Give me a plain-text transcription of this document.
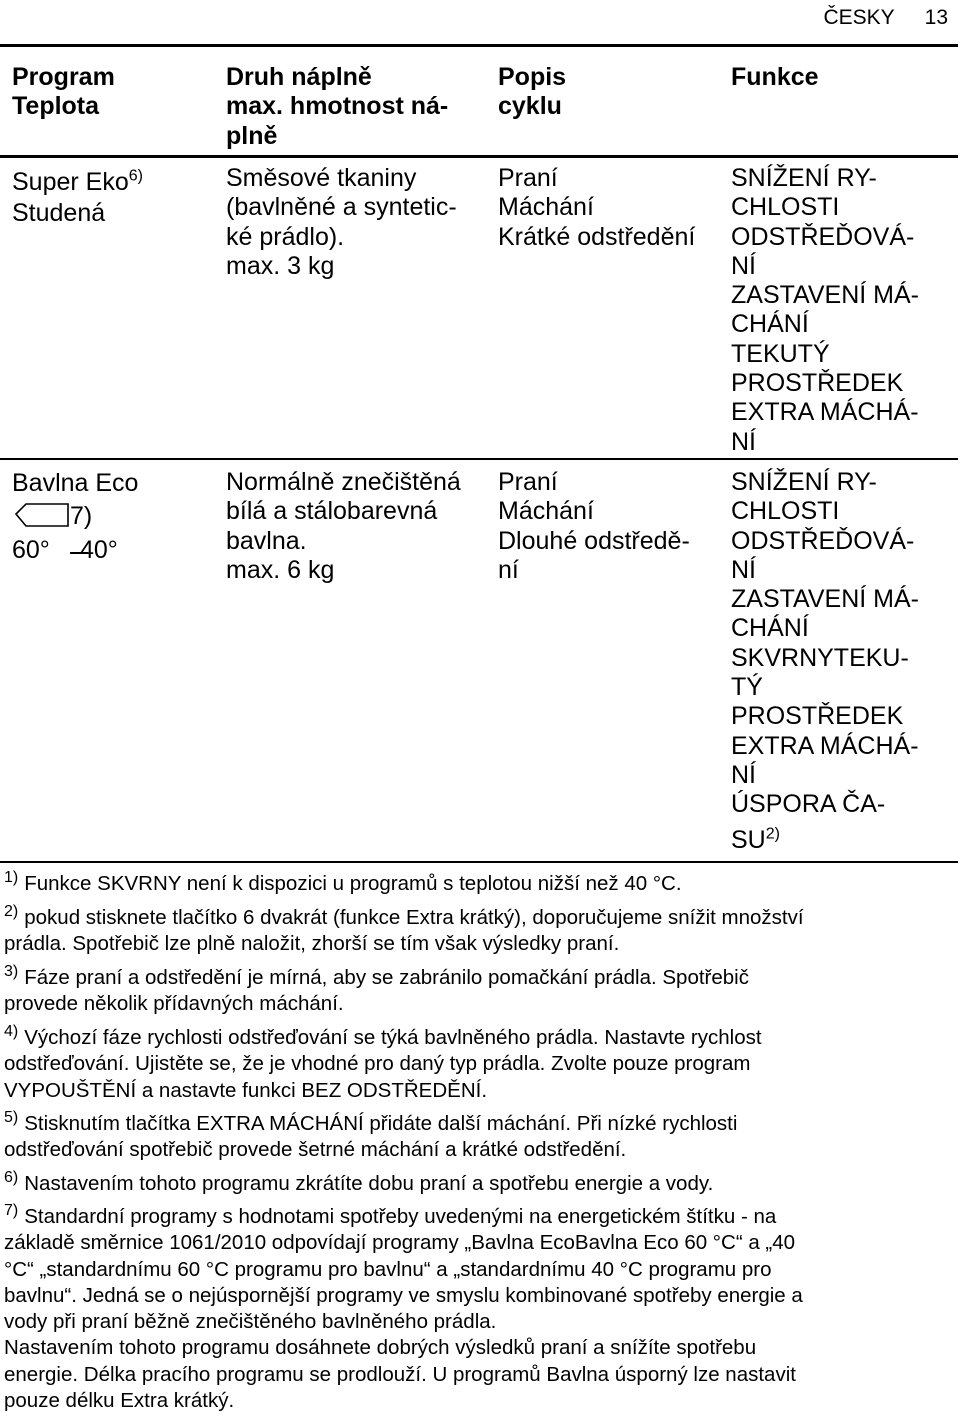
ČESKY 13
Program
Teplota
Druh náplně
max. hmotnost ná-
plně
Popis
cyklu
Funkce
Super Eko$^{6)}$
Studená
Směsové tkaniny
(bavlněné a syntetic-
ké prádlo).
max. 3 kg
Praní
Máchání
Krátké odstředění
SNÍŽENÍ RY-
CHLOSTI
ODSTŘEĎOVÁ-
NÍ
ZASTAVENÍ MÁ-
CHÁNÍ
TEKUTÝ
PROSTŘEDEK
EXTRA MÁCHÁ-
NÍ
Bavlna Eco
7)
60° 40°
Normálně znečištěná
bílá a stálobarevná
bavlna.
max. 6 kg
Praní
Máchání
Dlouhé odstředě-
ní
SNÍŽENÍ RY-
CHLOSTI
ODSTŘEĎOVÁ-
NÍ
ZASTAVENÍ MÁ-
CHÁNÍ
SKVRNYTEKU-
TÝ
PROSTŘEDEK
EXTRA MÁCHÁ-
NÍ
ÚSPORA ČA-
SU$^{2)}$
$^{1)}$ Funkce SKVRNY není k dispozici u programů s teplotou nižší než 40 °C.
$^{2)}$ pokud stisknete tlačítko 6 dvakrát (funkce Extra krátký), doporučujeme snížit množství
prádla. Spotřebič lze plně naložit, zhorší se tím však výsledky praní.
$^{3)}$ Fáze praní a odstředění je mírná, aby se zabránilo pomačkání prádla. Spotřebič
provede několik přídavných máchání.
$^{4)}$ Výchozí fáze rychlosti odstřeďování se týká bavlněného prádla. Nastavte rychlost
odstřeďování. Ujistěte se, že je vhodné pro daný typ prádla. Zvolte pouze program
VYPOUŠTĚNÍ a nastavte funkci BEZ ODSTŘEDĚNÍ.
$^{5)}$ Stisknutím tlačítka EXTRA MÁCHÁNÍ přidáte další máchání. Při nízké rychlosti
odstřeďování spotřebič provede šetrné máchání a krátké odstředění.
$^{6)}$ Nastavením tohoto programu zkrátíte dobu praní a spotřebu energie a vody.
$^{7)}$ Standardní programy s hodnotami spotřeby uvedenými na energetickém štítku - na
základě směrnice 1061/2010 odpovídají programy „Bavlna EcoBavlna Eco 60 °C“ a „40
°C“ „standardnímu 60 °C programu pro bavlnu“ a „standardnímu 40 °C programu pro
bavlnu“. Jedná se o nejúspornější programy ve smyslu kombinované spotřeby energie a
vody při praní běžně znečištěného bavlněného prádla.
Nastavením tohoto programu dosáhnete dobrých výsledků praní a snížíte spotřebu
energie. Délka pracího programu se prodlouží. U programů Bavlna úsporný lze nastavit
pouze délku Extra krátký.
